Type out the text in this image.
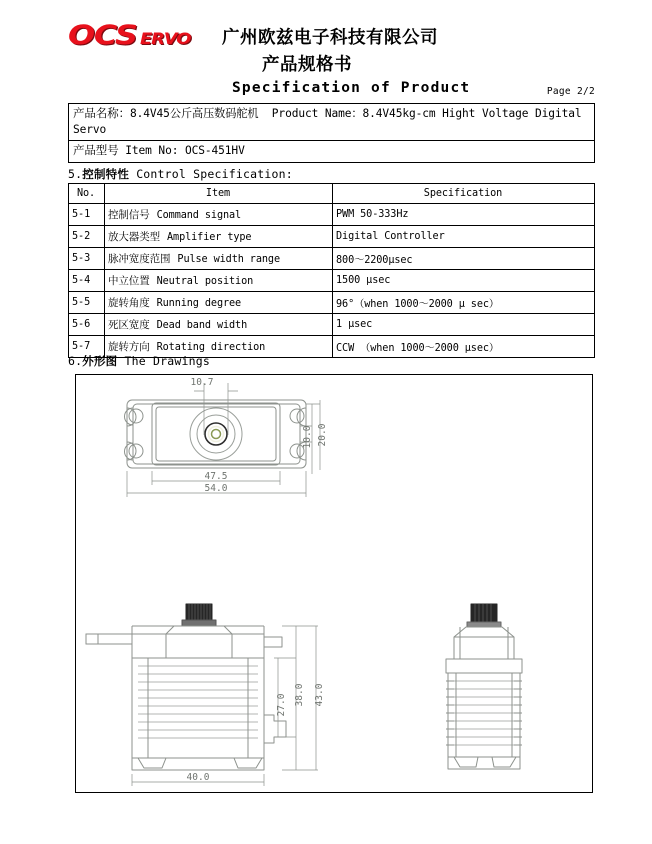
OCS ERVO 广州欧兹电子科技有限公司
产品规格书
Specification of Product	Page 2/2
产品名称：8.4V45公斤高压数码舵机 Product Name：8.4V45kg-cm Hight Voltage Digital Servo
产品型号 Item No: OCS-451HV
5.控制特性 Control Specification:
No.	Item	Specification
5-1	控制信号 Command signal	PWM 50-333Hz
5-2	放大器类型 Amplifier type	Digital Controller
5-3	脉冲宽度范围 Pulse width range	800～2200μsec
5-4	中立位置 Neutral position	1500 μsec
5-5	旋转角度 Running degree	96°（when 1000～2000 μ sec）
5-6	死区宽度 Dead band width	1 μsec
5-7	旋转方向 Rotating direction	CCW （when 1000～2000 μsec）
6.外形图 The Drawings
10.7
47.5
54.0
10.0 20.0
43.0
38.0
27.0
40.0
